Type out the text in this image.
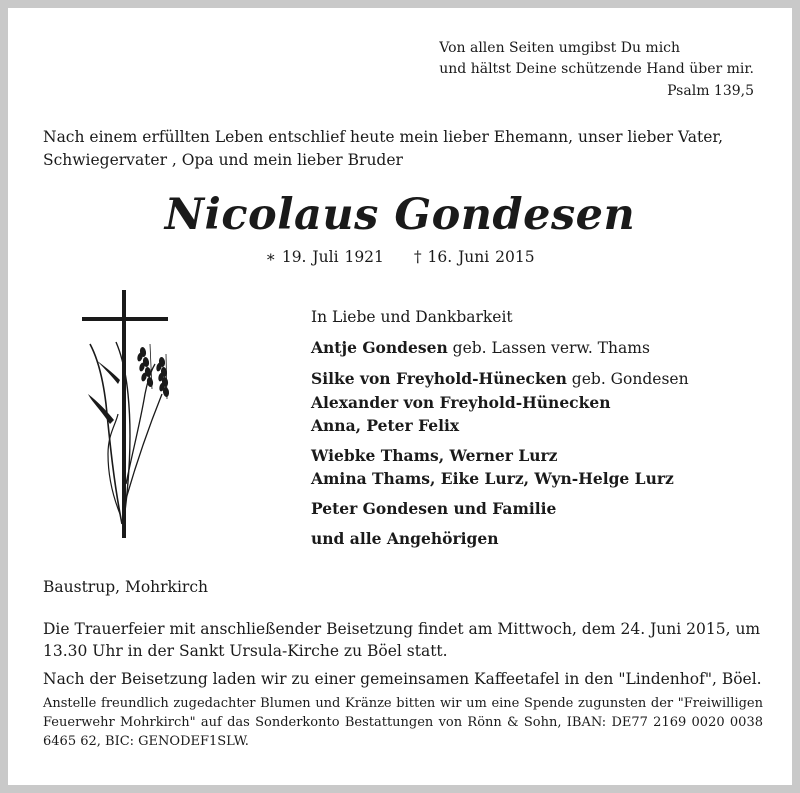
Von allen Seiten umgibst Du mich
und hältst Deine schützende Hand über mir.
Psalm 139,5
Nach einem erfüllten Leben entschlief heute mein lieber Ehemann, unser lieber Vater,
Schwiegervater , Opa und mein lieber Bruder
Nicolaus Gondesen
∗ 19. Juli 1921 † 16. Juni 2015
In Liebe und Dankbarkeit
Antje Gondesen geb. Lassen verw. Thams
Silke von Freyhold-Hünecken geb. Gondesen
Alexander von Freyhold-Hünecken
Anna, Peter Felix
Wiebke Thams, Werner Lurz
Amina Thams, Eike Lurz, Wyn-Helge Lurz
Peter Gondesen und Familie
und alle Angehörigen
Baustrup, Mohrkirch

Die Trauerfeier mit anschließender Beisetzung findet am Mittwoch, dem 24. Juni 2015, um 13.30 Uhr in der Sankt Ursula-Kirche zu Böel statt.

Nach der Beisetzung laden wir zu einer gemeinsamen Kaffeetafel in den "Lindenhof", Böel.

Anstelle freundlich zugedachter Blumen und Kränze bitten wir um eine Spende zugunsten der "Freiwilligen Feuerwehr Mohrkirch" auf das Sonderkonto Bestattungen von Rönn & Sohn, IBAN: DE77 2169 0020 0038 6465 62, BIC: GENODEF1SLW.
